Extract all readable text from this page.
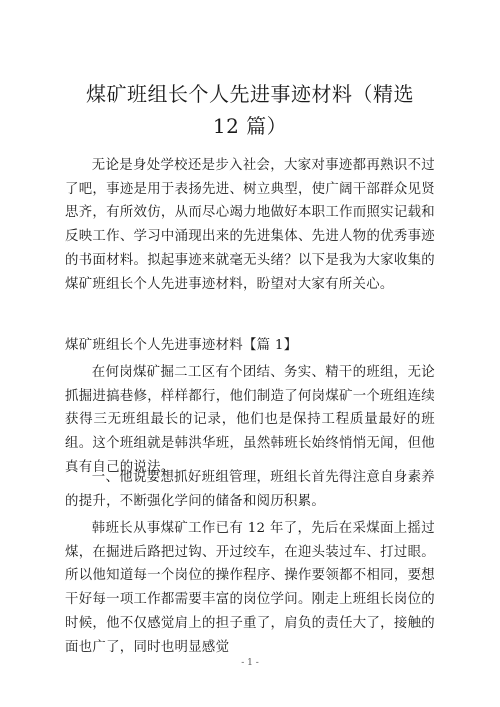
煤矿班组长个人先进事迹材料（精选 12 篇）

无论是身处学校还是步入社会，大家对事迹都再熟识不过了吧，事迹是用于表扬先进、树立典型，使广阔干部群众见贤思齐，有所效仿，从而尽心竭力地做好本职工作而照实记载和反映工作、学习中涌现出来的先进集体、先进人物的优秀事迹的书面材料。拟起事迹来就毫无头绪？以下是我为大家收集的煤矿班组长个人先进事迹材料，盼望对大家有所关心。

煤矿班组长个人先进事迹材料【篇 1】

在何岗煤矿掘二工区有个团结、务实、精干的班组，无论抓掘进搞巷修，样样都行，他们制造了何岗煤矿一个班组连续获得三无班组最长的记录，他们也是保持工程质量最好的班组。这个班组就是韩洪华班，虽然韩班长始终悄悄无闻，但他真有自己的说法。

一、他说要想抓好班组管理，班组长首先得注意自身素养的提升，不断强化学问的储备和阅历积累。

韩班长从事煤矿工作已有 12 年了，先后在采煤面上摇过煤，在掘进后路把过钩、开过绞车，在迎头装过车、打过眼。所以他知道每一个岗位的操作程序、操作要领都不相同，要想干好每一项工作都需要丰富的岗位学问。刚走上班组长岗位的时候，他不仅感觉肩上的担子重了，肩负的责任大了，接触的面也广了，同时也明显感觉

- 1 -
